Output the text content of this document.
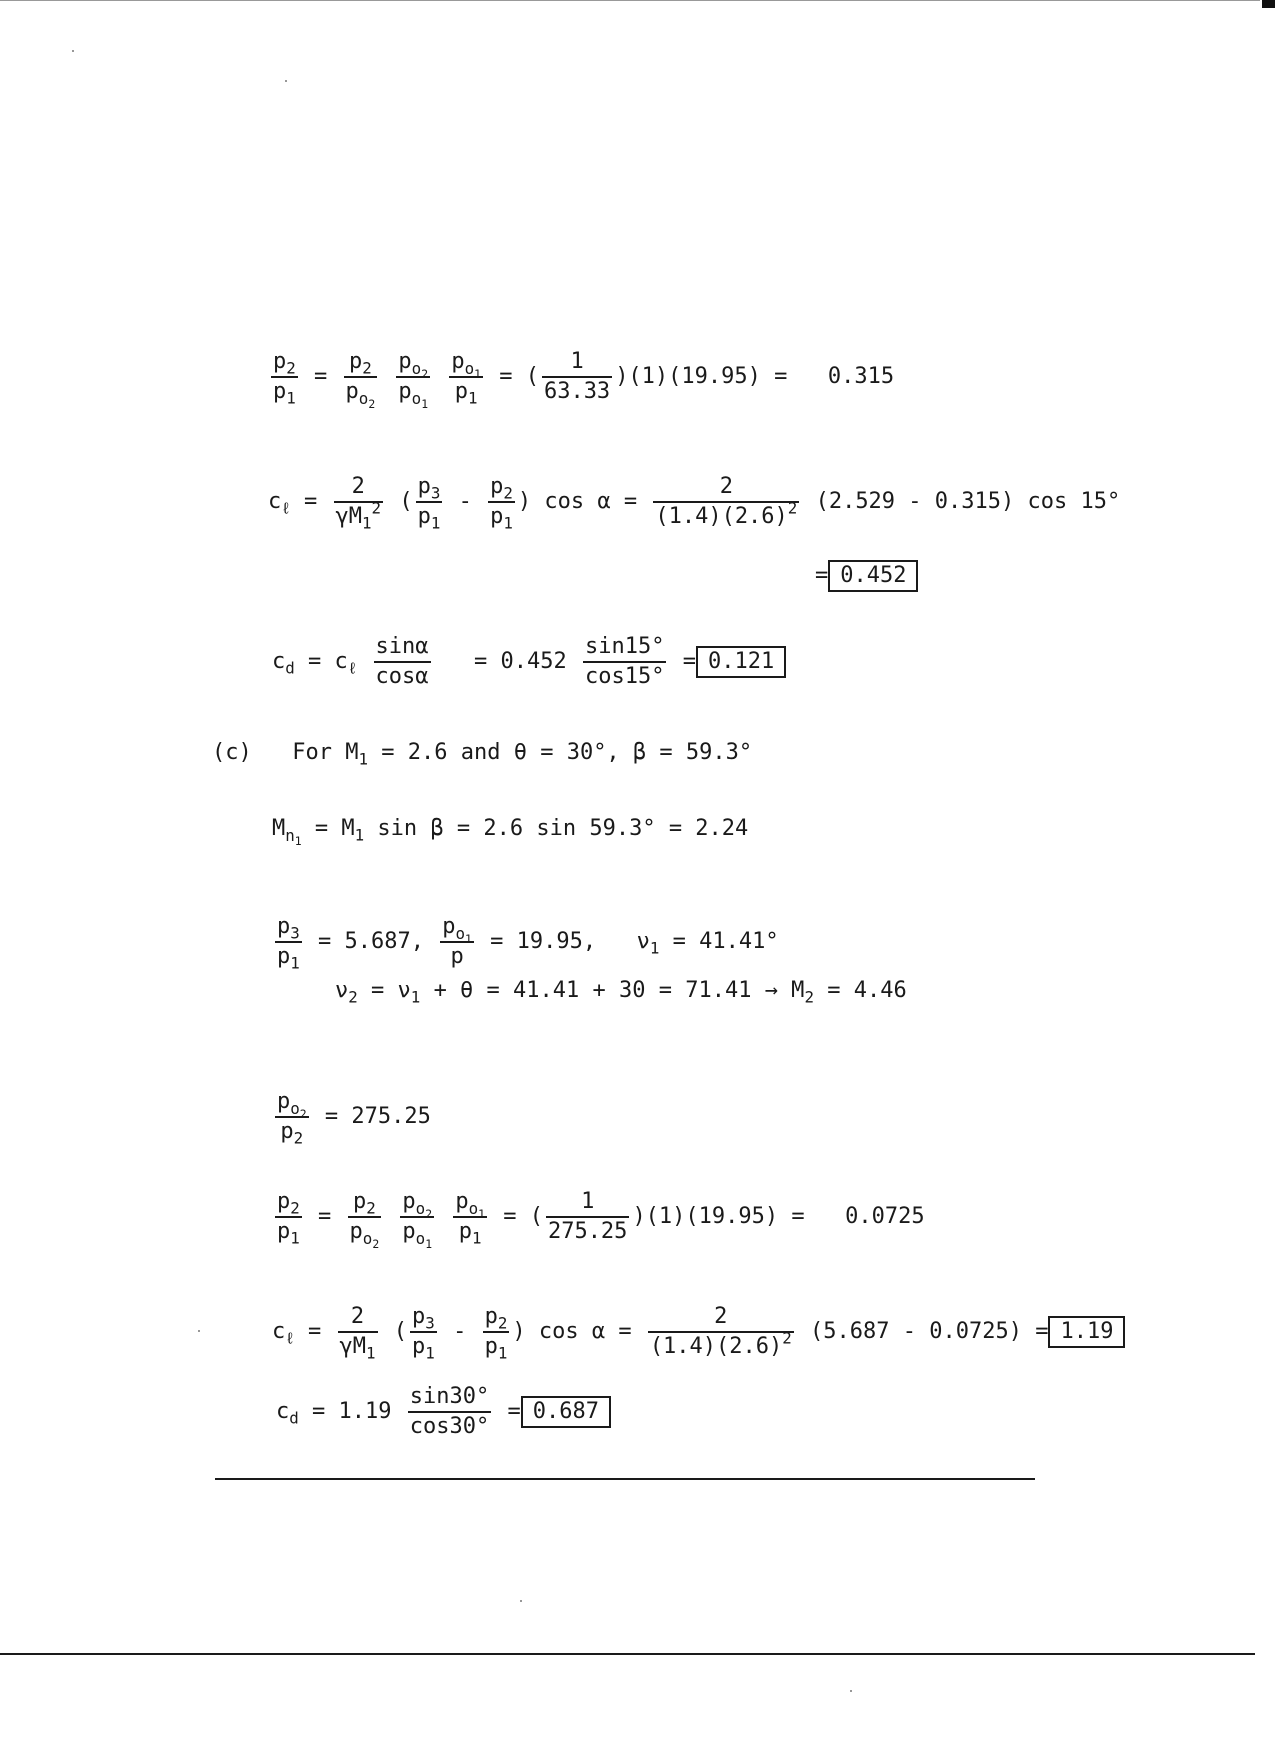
$\frac{p_2}{p_1} = \frac{p_2}{p_{o_2}}$
$\frac{p_{o_2}}{p_{o_1}}$
$\frac{p_{o_1}}{p_1}$ = ( $\frac{1}{63.33} )(1)(19.95) = 0.315$
$c_\ell = \frac{2}{\gamma M_1^2}$ ( $\frac{p_3}{p_1} - \frac{p_2}{p_1}$ ) $\cos \alpha = \frac{2}{(1.4)(2.6)^2} (2.529 - 0.315)$ cos 15°
= 0.452
$c_d = c_\ell \frac{\sin\alpha}{\cos\alpha} = 0.452 \frac{\sin 15^\circ}{\cos 15^\circ} = 0.121$
(c) For $M_1 = 2.6$ and θ = 30°, β = 59.3°
$M_{n_1} = M_1$ sin β = 2.6 sin 59.3° = 2.24
$\frac{p_3}{p_1} = 5.687$, $\frac{p_{o_1}}{p} = 19.95$, $\nu_1 = 41.41^\circ$
$\nu_2 = \nu_1 + \theta = 41.41 + 30 = 71.41 \to M_2 = 4.46$
$\frac{p_{o_2}}{p_2} = 275.25$
$\frac{p_2}{p_1} = \frac{p_2}{p_{o_2}}$
$\frac{p_{o_2}}{p_{o_1}}$
$\frac{p_{o_1}}{p_1}$ = ( $\frac{1}{275.25} )(1)(19.95) = 0.0725$
$c_\ell = \frac{2}{\gamma M_1}$ ( $\frac{p_3}{p_1} - \frac{p_2}{p_1}$ ) $\cos \alpha = \frac{2}{(1.4)(2.6)^2} (5.687 - 0.0725) = 1.19$
$c_d = 1.19 \frac{\sin 30^\circ}{\cos 30^\circ} = 0.687$
